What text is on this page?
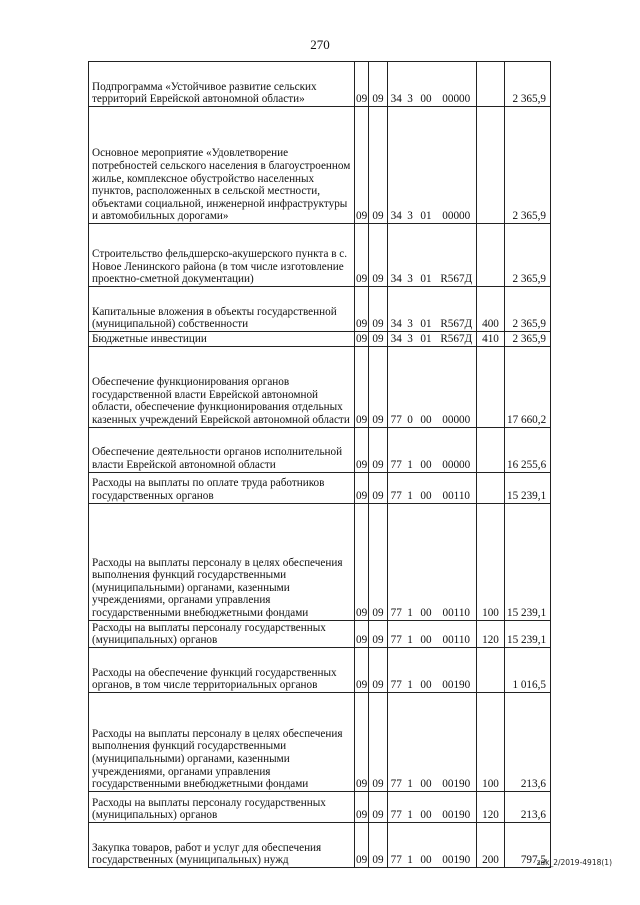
270
Подпрограмма «Устойчивое развитие сельских территорий Еврейской автономной области»	09	09	34	3	00	00000		2 365,9
Основное мероприятие «Удовлетворение потребностей сельского населения в благоустроенном жилье, комплексное обустройство населенных пунктов, расположенных в сельской местности, объектами социальной, инженерной инфраструктуры и автомобильных дорогами»	09	09	34	3	01	00000		2 365,9
Строительство фельдшерско-акушерского пункта в с. Новое Ленинского района (в том числе изготовление проектно-сметной документации)	09	09	34	3	01	R567Д		2 365,9
Капитальные вложения в объекты государственной (муниципальной) собственности	09	09	34	3	01	R567Д	400	2 365,9
Бюджетные инвестиции	09	09	34	3	01	R567Д	410	2 365,9
Обеспечение функционирования органов государственной власти Еврейской автономной области, обеспечение функционирования отдельных казенных учреждений Еврейской автономной области	09	09	77	0	00	00000		17 660,2
Обеспечение деятельности органов исполнительной власти Еврейской автономной области	09	09	77	1	00	00000		16 255,6
Расходы на выплаты по оплате труда работников государственных органов	09	09	77	1	00	00110		15 239,1
Расходы на выплаты персоналу в целях обеспечения выполнения функций государственными (муниципальными) органами, казенными учреждениями, органами управления государственными внебюджетными фондами	09	09	77	1	00	00110	100	15 239,1
Расходы на выплаты персоналу государственных (муниципальных) органов	09	09	77	1	00	00110	120	15 239,1
Расходы на обеспечение функций государственных органов, в том числе территориальных органов	09	09	77	1	00	00190		1 016,5
Расходы на выплаты персоналу в целях обеспечения выполнения функций государственными (муниципальными) органами, казенными учреждениями, органами управления государственными внебюджетными фондами	09	09	77	1	00	00190	100	213,6
Расходы на выплаты персоналу государственных (муниципальных) органов	09	09	77	1	00	00190	120	213,6
Закупка товаров, работ и услуг для обеспечения государственных (муниципальных) нужд	09	09	77	1	00	00190	200	797,5
zak_2/2019-4918(1)
